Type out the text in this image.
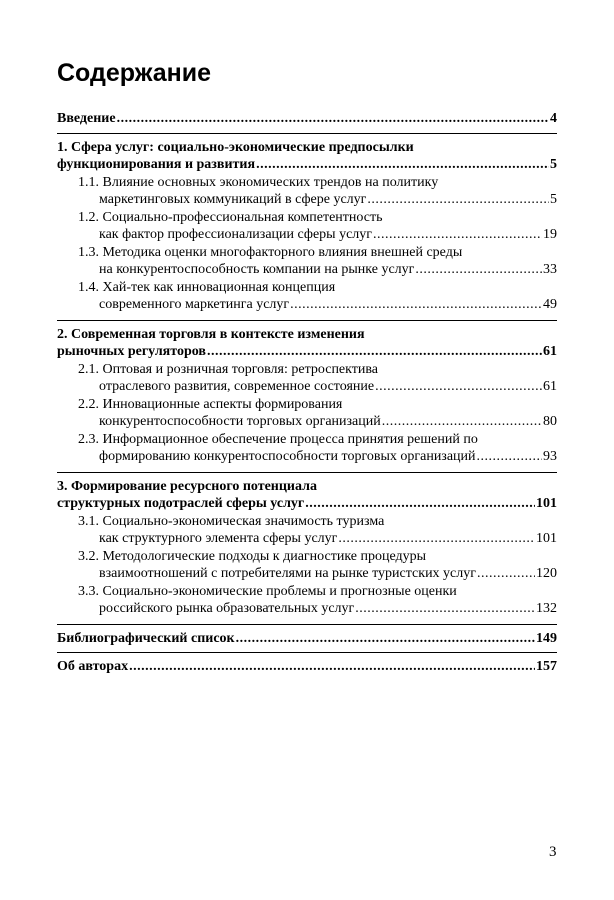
Содержание
Введение .....	4
1. Сфера услуг: социально-экономические предпосылки
функционирования и развития .....	5
1.1. Влияние основных экономических трендов на политику
маркетинговых коммуникаций в сфере услуг .....	5
1.2. Социально-профессиональная компетентность
как фактор профессионализации сферы услуг .....	19
1.3. Методика оценки многофакторного влияния внешней среды
на конкурентоспособность компании на рынке услуг .....	33
1.4. Хай-тек как инновационная концепция
современного маркетинга услуг .....	49
2. Современная торговля в контексте изменения
рыночных регуляторов .....	61
2.1. Оптовая и розничная торговля: ретроспектива
отраслевого развития, современное состояние .....	61
2.2. Инновационные аспекты формирования
конкурентоспособности торговых организаций .....	80
2.3. Информационное обеспечение процесса принятия решений по
формированию конкурентоспособности торговых организаций .....	93
3. Формирование ресурсного потенциала
структурных подотраслей сферы услуг .....	101
3.1. Социально-экономическая значимость туризма
как структурного элемента сферы услуг .....	101
3.2. Методологические подходы к диагностике процедуры
взаимоотношений с потребителями на рынке туристских услуг .....	120
3.3. Социально-экономические проблемы и прогнозные оценки
российского рынка образовательных услуг .....	132
Библиографический список .....	149
Об авторах .....	157
3
